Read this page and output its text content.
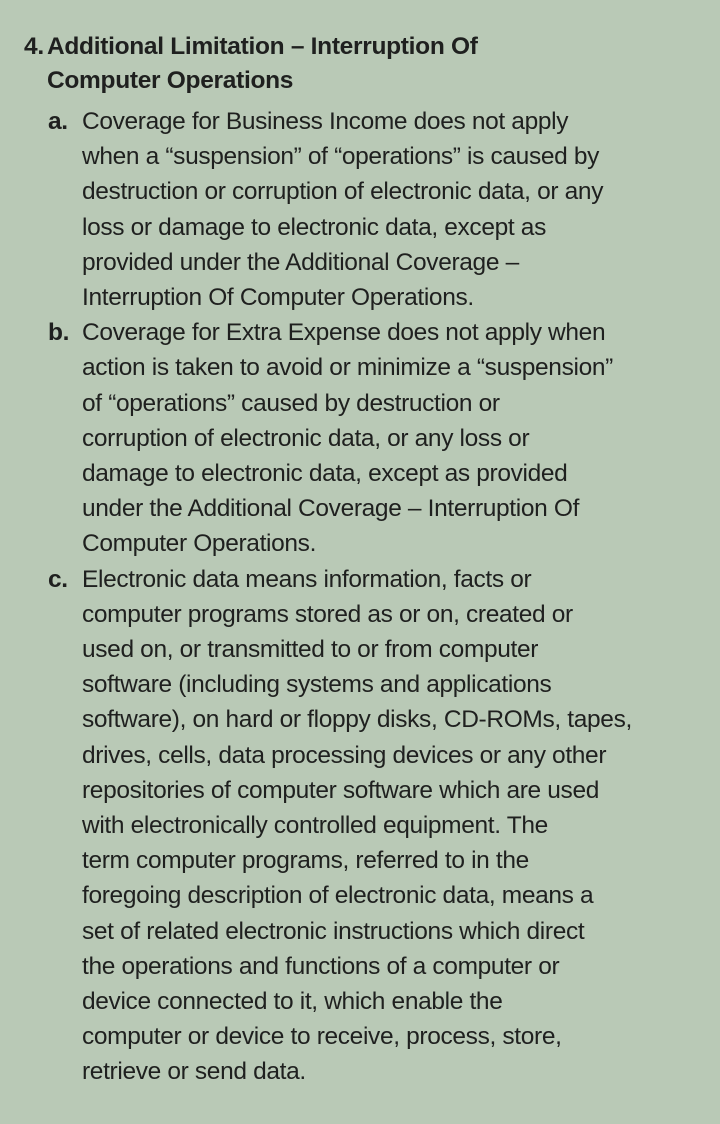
4. Additional Limitation – Interruption Of
Computer Operations
a. Coverage for Business Income does not apply
when a “suspension” of “operations” is caused by
destruction or corruption of electronic data, or any
loss or damage to electronic data, except as
provided under the Additional Coverage –
Interruption Of Computer Operations.

b. Coverage for Extra Expense does not apply when
action is taken to avoid or minimize a “suspension”
of “operations” caused by destruction or
corruption of electronic data, or any loss or
damage to electronic data, except as provided
under the Additional Coverage – Interruption Of
Computer Operations.

c. Electronic data means information, facts or
computer programs stored as or on, created or
used on, or transmitted to or from computer
software (including systems and applications
software), on hard or floppy disks, CD-ROMs, tapes,
drives, cells, data processing devices or any other
repositories of computer software which are used
with electronically controlled equipment. The
term computer programs, referred to in the
foregoing description of electronic data, means a
set of related electronic instructions which direct
the operations and functions of a computer or
device connected to it, which enable the
computer or device to receive, process, store,
retrieve or send data.
